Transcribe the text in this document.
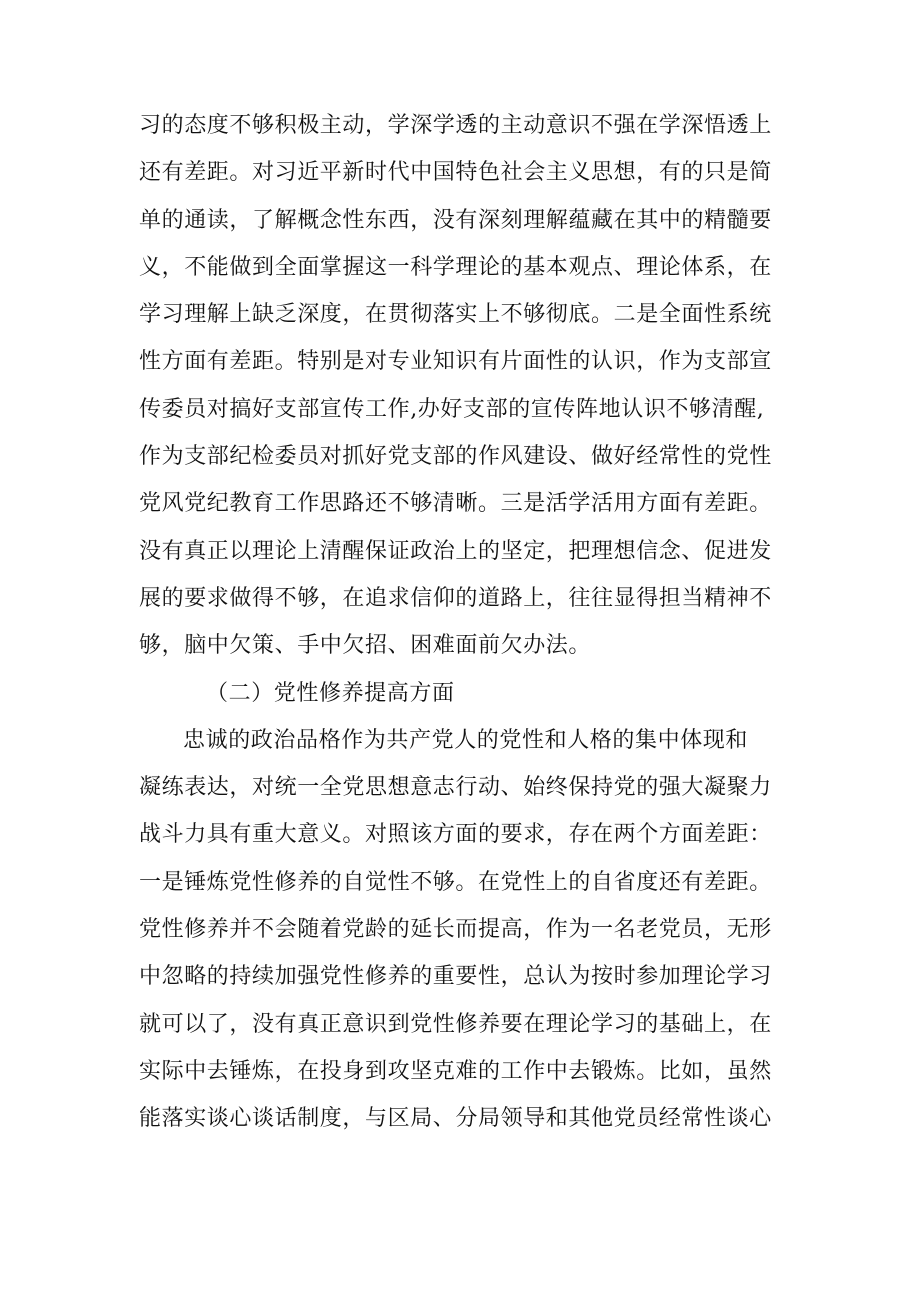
习的态度不够积极主动，学深学透的主动意识不强在学深悟透上
还有差距。对习近平新时代中国特色社会主义思想，有的只是简
单的通读，了解概念性东西，没有深刻理解蕴藏在其中的精髓要
义，不能做到全面掌握这一科学理论的基本观点、理论体系，在
学习理解上缺乏深度，在贯彻落实上不够彻底。二是全面性系统
性方面有差距。特别是对专业知识有片面性的认识，作为支部宣
传委员对搞好支部宣传工作,办好支部的宣传阵地认识不够清醒,
作为支部纪检委员对抓好党支部的作风建设、做好经常性的党性
党风党纪教育工作思路还不够清晰。三是活学活用方面有差距。
没有真正以理论上清醒保证政治上的坚定，把理想信念、促进发
展的要求做得不够，在追求信仰的道路上，往往显得担当精神不
够，脑中欠策、手中欠招、困难面前欠办法。
（二）党性修养提高方面
忠诚的政治品格作为共产党人的党性和人格的集中体现和
凝练表达，对统一全党思想意志行动、始终保持党的强大凝聚力
战斗力具有重大意义。对照该方面的要求，存在两个方面差距：
一是锤炼党性修养的自觉性不够。在党性上的自省度还有差距。
党性修养并不会随着党龄的延长而提高，作为一名老党员，无形
中忽略的持续加强党性修养的重要性，总认为按时参加理论学习
就可以了，没有真正意识到党性修养要在理论学习的基础上，在
实际中去锤炼，在投身到攻坚克难的工作中去锻炼。比如，虽然
能落实谈心谈话制度，与区局、分局领导和其他党员经常性谈心
